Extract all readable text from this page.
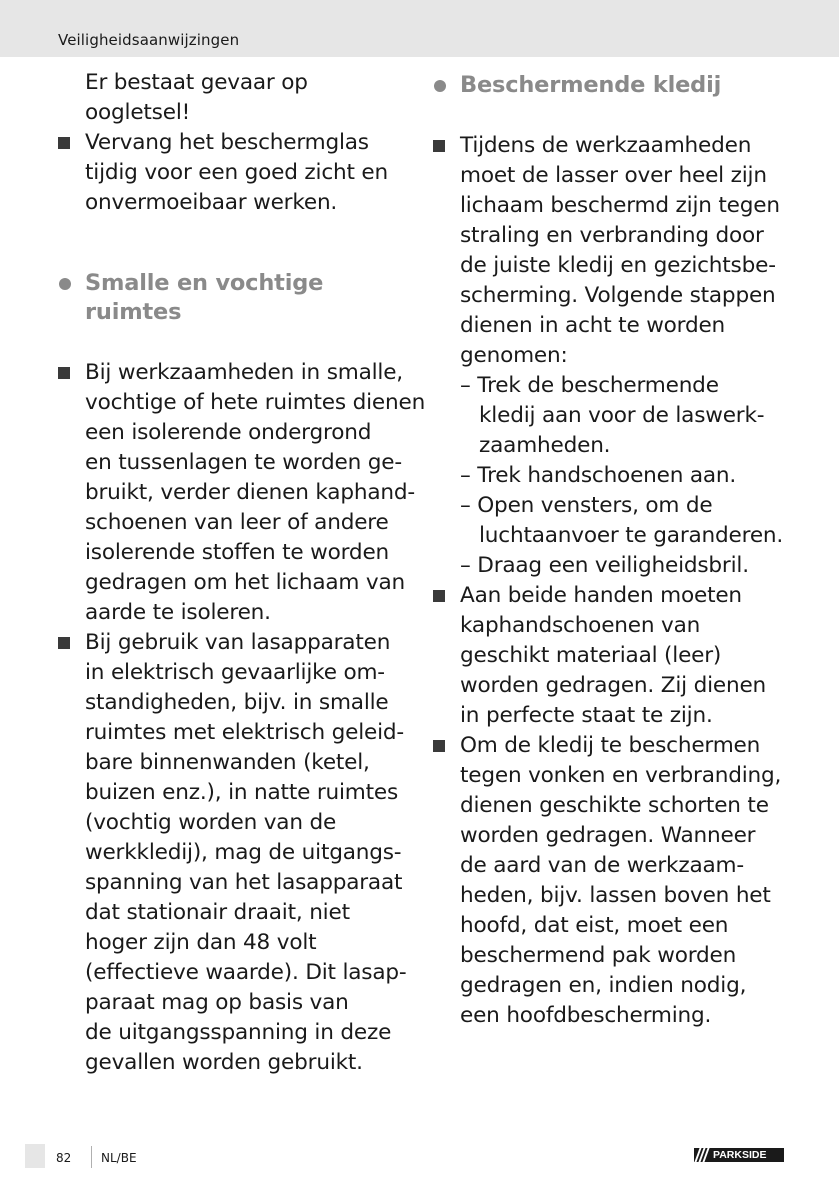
Veiligheidsaanwijzingen
Er bestaat gevaar op
oogletsel!
Vervang het beschermglas
tijdig voor een goed zicht en
onvermoeibaar werken.
Smalle en vochtige
ruimtes
Bij werkzaamheden in smalle,
vochtige of hete ruimtes dienen
een isolerende ondergrond
en tussenlagen te worden ge-
bruikt, verder dienen kaphand-
schoenen van leer of andere
isolerende stoffen te worden
gedragen om het lichaam van
aarde te isoleren.
Bij gebruik van lasapparaten
in elektrisch gevaarlijke om-
standigheden, bijv. in smalle
ruimtes met elektrisch geleid-
bare binnenwanden (ketel,
buizen enz.), in natte ruimtes
(vochtig worden van de
werkkledij), mag de uitgangs-
spanning van het lasapparaat
dat stationair draait, niet
hoger zijn dan 48 volt
(effectieve waarde). Dit lasap-
paraat mag op basis van
de uitgangsspanning in deze
gevallen worden gebruikt.
Beschermende kledij
Tijdens de werkzaamheden
moet de lasser over heel zijn
lichaam beschermd zijn tegen
straling en verbranding door
de juiste kledij en gezichtsbe-
scherming. Volgende stappen
dienen in acht te worden
genomen:
– Trek de beschermende
kledij aan voor de laswerk-
zaamheden.
– Trek handschoenen aan.
– Open vensters, om de
luchtaanvoer te garanderen.
– Draag een veiligheidsbril.
Aan beide handen moeten
kaphandschoenen van
geschikt materiaal (leer)
worden gedragen. Zij dienen
in perfecte staat te zijn.
Om de kledij te beschermen
tegen vonken en verbranding,
dienen geschikte schorten te
worden gedragen. Wanneer
de aard van de werkzaam-
heden, bijv. lassen boven het
hoofd, dat eist, moet een
beschermend pak worden
gedragen en, indien nodig,
een hoofdbescherming.
82 NL/BE	PARKSIDE
